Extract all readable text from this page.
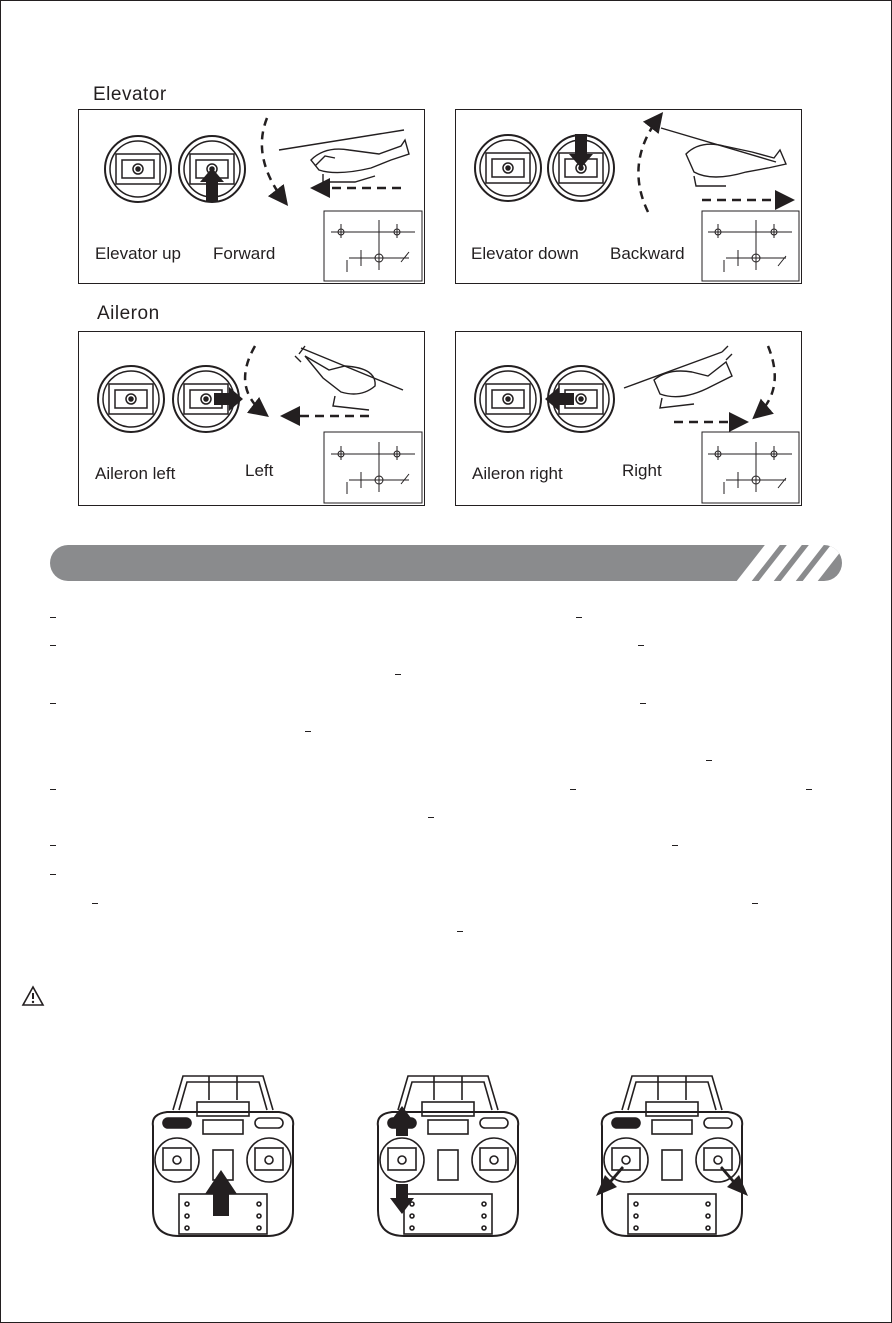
Elevator
Elevator up Forward	Elevator down Backward
Aileron
Aileron left	Left	Aileron right	Right
